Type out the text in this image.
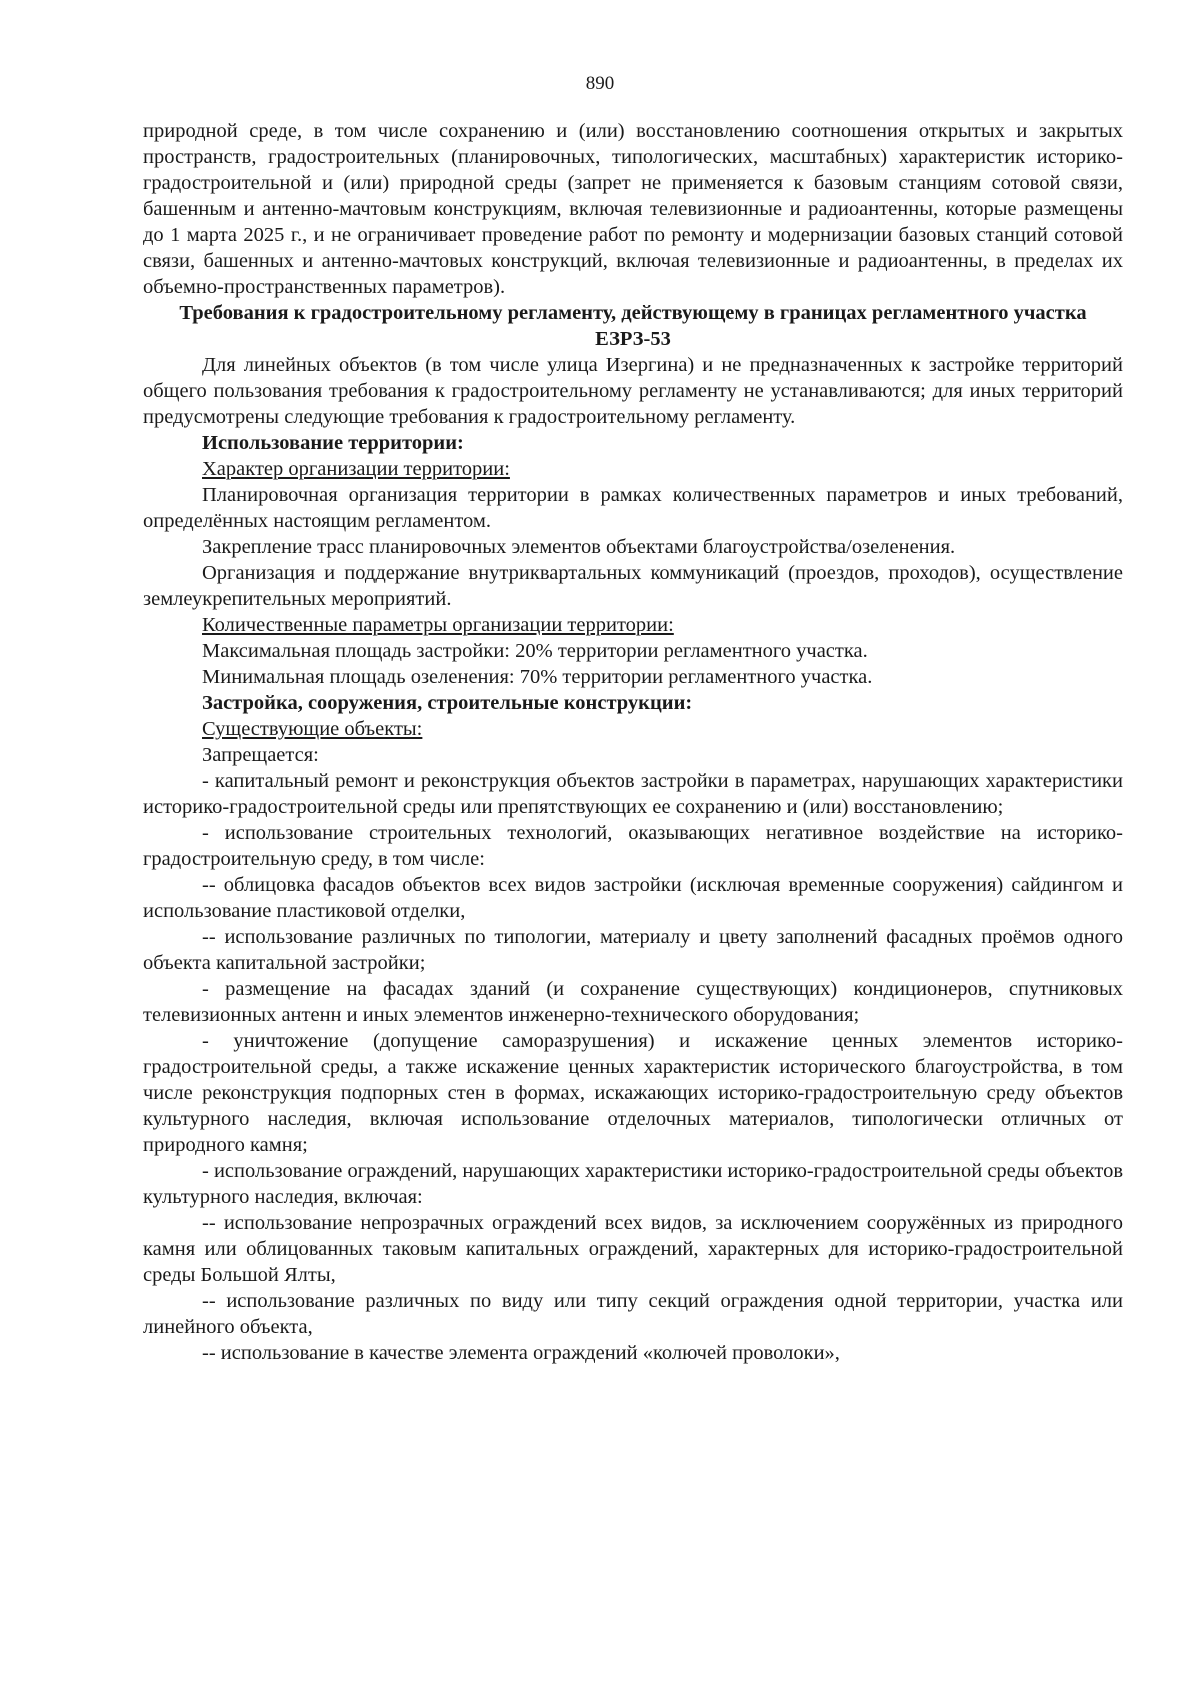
890

природной среде, в том числе сохранению и (или) восстановлению соотношения открытых и закрытых пространств, градостроительных (планировочных, типологических, масштабных) характеристик историко-градостроительной и (или) природной среды (запрет не применяется к базовым станциям сотовой связи, башенным и антенно-мачтовым конструкциям, включая телевизионные и радиоантенны, которые размещены до 1 марта 2025 г., и не ограничивает проведение работ по ремонту и модернизации базовых станций сотовой связи, башенных и антенно-мачтовых конструкций, включая телевизионные и радиоантенны, в пределах их объемно-пространственных параметров).

Требования к градостроительному регламенту, действующему в границах регламентного участка ЕЗРЗ-53

Для линейных объектов (в том числе улица Изергина) и не предназначенных к застройке территорий общего пользования требования к градостроительному регламенту не устанавливаются; для иных территорий предусмотрены следующие требования к градостроительному регламенту.

Использование территории:

Характер организации территории:

Планировочная организация территории в рамках количественных параметров и иных требований, определённых настоящим регламентом.

Закрепление трасс планировочных элементов объектами благоустройства/озеленения.

Организация и поддержание внутриквартальных коммуникаций (проездов, проходов), осуществление землеукрепительных мероприятий.

Количественные параметры организации территории:

Максимальная площадь застройки: 20% территории регламентного участка.

Минимальная площадь озеленения: 70% территории регламентного участка.

Застройка, сооружения, строительные конструкции:

Существующие объекты:

Запрещается:

- капитальный ремонт и реконструкция объектов застройки в параметрах, нарушающих характеристики историко-градостроительной среды или препятствующих ее сохранению и (или) восстановлению;

- использование строительных технологий, оказывающих негативное воздействие на историко-градостроительную среду, в том числе:

-- облицовка фасадов объектов всех видов застройки (исключая временные сооружения) сайдингом и использование пластиковой отделки,

-- использование различных по типологии, материалу и цвету заполнений фасадных проёмов одного объекта капитальной застройки;

- размещение на фасадах зданий (и сохранение существующих) кондиционеров, спутниковых телевизионных антенн и иных элементов инженерно-технического оборудования;

- уничтожение (допущение саморазрушения) и искажение ценных элементов историко-градостроительной среды, а также искажение ценных характеристик исторического благоустройства, в том числе реконструкция подпорных стен в формах, искажающих историко-градостроительную среду объектов культурного наследия, включая использование отделочных материалов, типологически отличных от природного камня;

- использование ограждений, нарушающих характеристики историко-градостроительной среды объектов культурного наследия, включая:

-- использование непрозрачных ограждений всех видов, за исключением сооружённых из природного камня или облицованных таковым капитальных ограждений, характерных для историко-градостроительной среды Большой Ялты,

-- использование различных по виду или типу секций ограждения одной территории, участка или линейного объекта,

-- использование в качестве элемента ограждений «колючей проволоки»,
